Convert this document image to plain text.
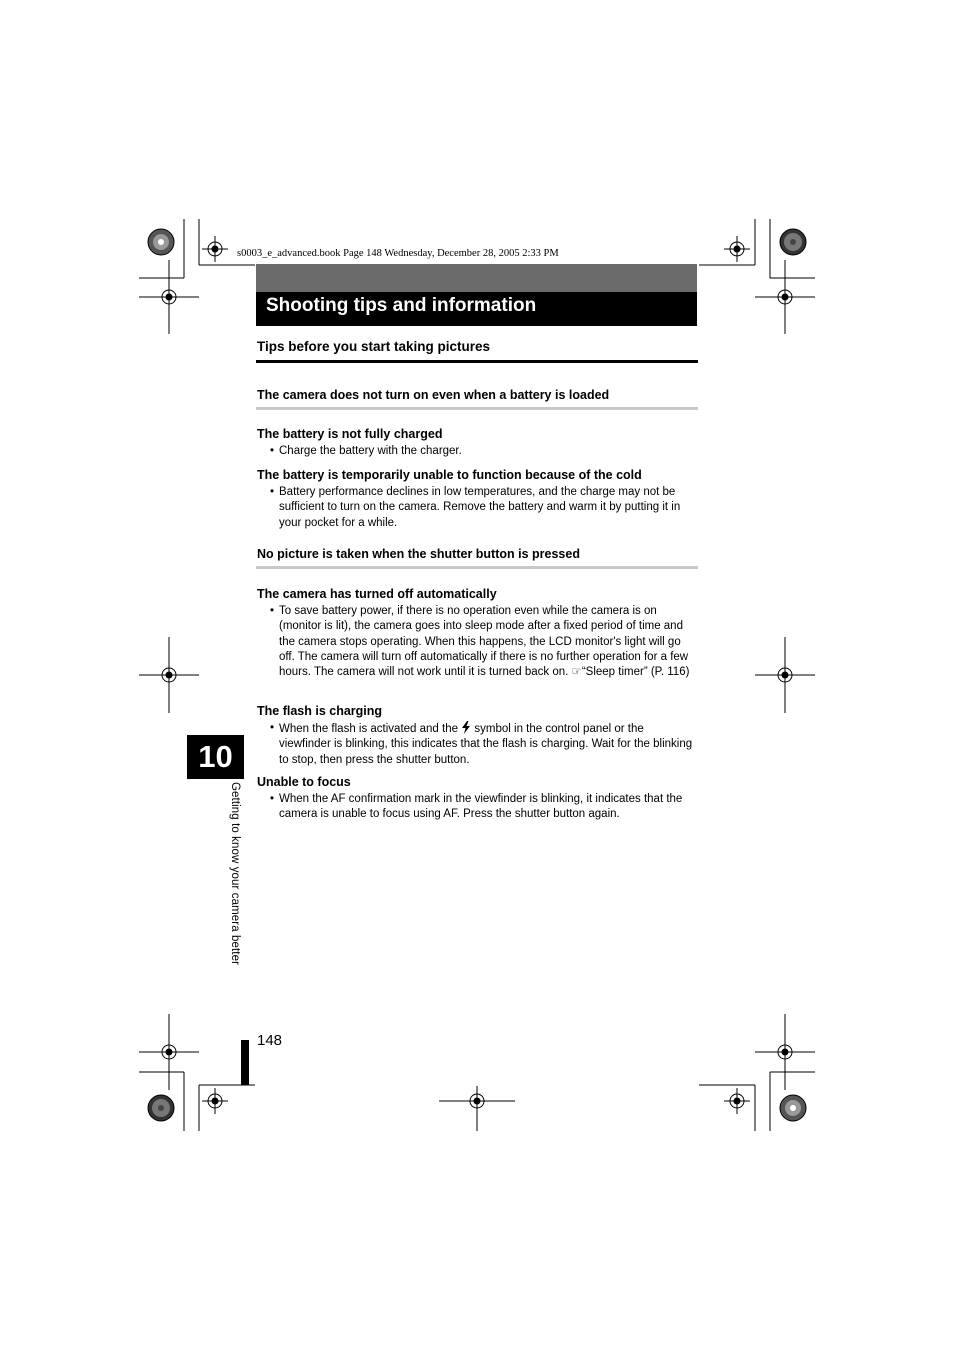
s0003_e_advanced.book Page 148 Wednesday, December 28, 2005 2:33 PM
Shooting tips and information
Tips before you start taking pictures
The camera does not turn on even when a battery is loaded
The battery is not fully charged
• Charge the battery with the charger.
The battery is temporarily unable to function because of the cold
• Battery performance declines in low temperatures, and the charge may not be sufficient to turn on the camera. Remove the battery and warm it by putting it in your pocket for a while.
No picture is taken when the shutter button is pressed
The camera has turned off automatically
• To save battery power, if there is no operation even while the camera is on (monitor is lit), the camera goes into sleep mode after a fixed period of time and the camera stops operating. When this happens, the LCD monitor's light will go off. The camera will turn off automatically if there is no further operation for a few hours. The camera will not work until it is turned back on. ☞“Sleep timer” (P. 116)
The flash is charging
• When the flash is activated and the  symbol in the control panel or the viewfinder is blinking, this indicates that the flash is charging. Wait for the blinking to stop, then press the shutter button.
Unable to focus
• When the AF confirmation mark in the viewfinder is blinking, it indicates that the camera is unable to focus using AF. Press the shutter button again.
10
Getting to know your camera better
148
